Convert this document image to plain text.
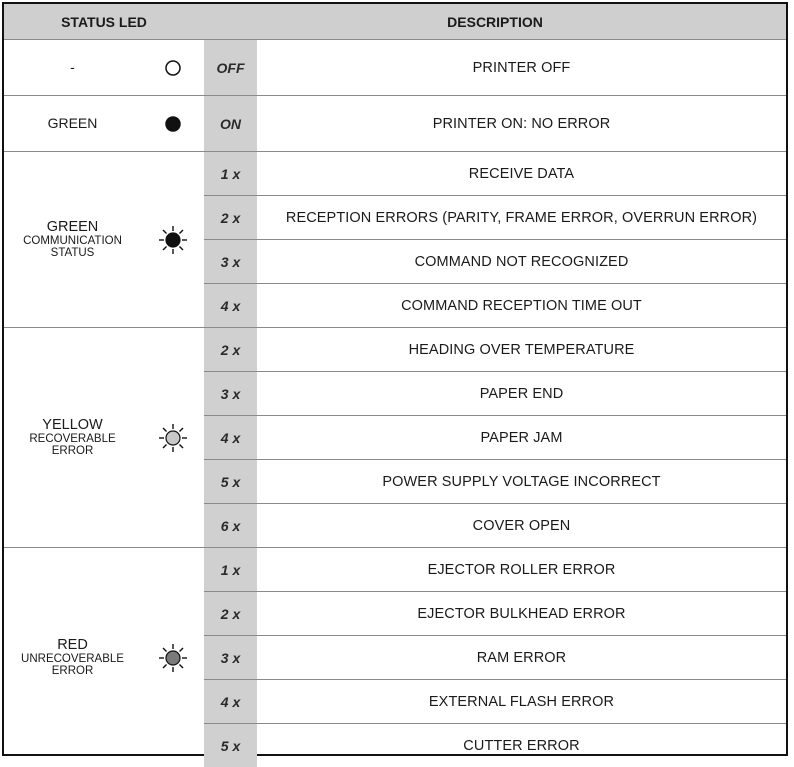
STATUS LED		DESCRIPTION	
-		OFF	PRINTER OFF
GREEN		ON	PRINTER ON: NO ERROR

GREEN
COMMUNICATION
STATUS		1 x	RECEIVE DATA
		2 x	RECEPTION ERRORS (PARITY, FRAME ERROR, OVERRUN ERROR)
		3 x	COMMAND NOT RECOGNIZED
		4 x	COMMAND RECEPTION TIME OUT

YELLOW
RECOVERABLE
ERROR		2 x	HEADING OVER TEMPERATURE
		3 x	PAPER END
		4 x	PAPER JAM
		5 x	POWER SUPPLY VOLTAGE INCORRECT
		6 x	COVER OPEN

RED
UNRECOVERABLE
ERROR		1 x	EJECTOR ROLLER ERROR
		2 x	EJECTOR BULKHEAD ERROR
		3 x	RAM ERROR
		4 x	EXTERNAL FLASH ERROR
		5 x	CUTTER ERROR
